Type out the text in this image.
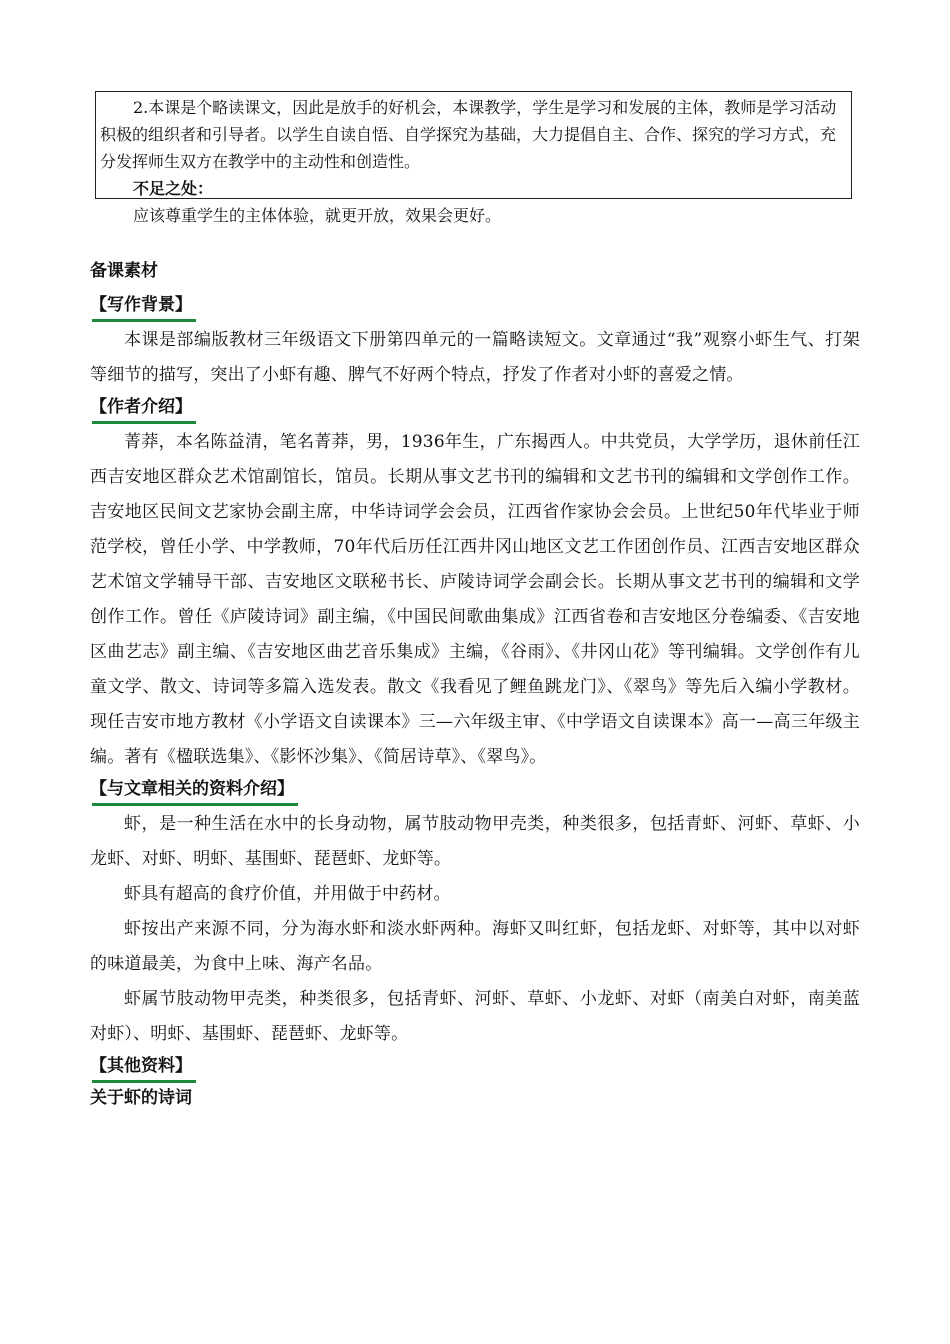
2.本课是个略读课文，因此是放手的好机会，本课教学，学生是学习和发展的主体，教师是学习活动积极的组织者和引导者。以学生自读自悟、自学探究为基础，大力提倡自主、合作、探究的学习方式，充分发挥师生双方在教学中的主动性和创造性。

不足之处：

应该尊重学生的主体体验，就更开放，效果会更好。

备课素材

【写作背景】

本课是部编版教材三年级语文下册第四单元的一篇略读短文。文章通过“我”观察小虾生气、打架等细节的描写，突出了小虾有趣、脾气不好两个特点，抒发了作者对小虾的喜爱之情。

【作者介绍】

菁莽，本名陈益清，笔名菁莽，男，1936年生，广东揭西人。中共党员，大学学历，退休前任江西吉安地区群众艺术馆副馆长，馆员。长期从事文艺书刊的编辑和文艺书刊的编辑和文学创作工作。吉安地区民间文艺家协会副主席，中华诗词学会会员，江西省作家协会会员。上世纪50年代毕业于师范学校，曾任小学、中学教师，70年代后历任江西井冈山地区文艺工作团创作员、江西吉安地区群众艺术馆文学辅导干部、吉安地区文联秘书长、庐陵诗词学会副会长。长期从事文艺书刊的编辑和文学创作工作。曾任《庐陵诗词》副主编，《中国民间歌曲集成》江西省卷和吉安地区分卷编委、《吉安地区曲艺志》副主编、《吉安地区曲艺音乐集成》主编，《谷雨》、《井冈山花》等刊编辑。文学创作有儿童文学、散文、诗词等多篇入选发表。散文《我看见了鲤鱼跳龙门》、《翠鸟》等先后入编小学教材。现任吉安市地方教材《小学语文自读课本》三—六年级主审、《中学语文自读课本》高一—高三年级主编。著有《楹联选集》、《影怀沙集》、《简居诗草》、《翠鸟》。

【与文章相关的资料介绍】

虾，是一种生活在水中的长身动物，属节肢动物甲壳类，种类很多，包括青虾、河虾、草虾、小龙虾、对虾、明虾、基围虾、琵琶虾、龙虾等。

虾具有超高的食疗价值，并用做于中药材。

虾按出产来源不同，分为海水虾和淡水虾两种。海虾又叫红虾，包括龙虾、对虾等，其中以对虾的味道最美，为食中上味、海产名品。

虾属节肢动物甲壳类，种类很多，包括青虾、河虾、草虾、小龙虾、对虾（南美白对虾，南美蓝对虾）、明虾、基围虾、琵琶虾、龙虾等。

【其他资料】

关于虾的诗词
